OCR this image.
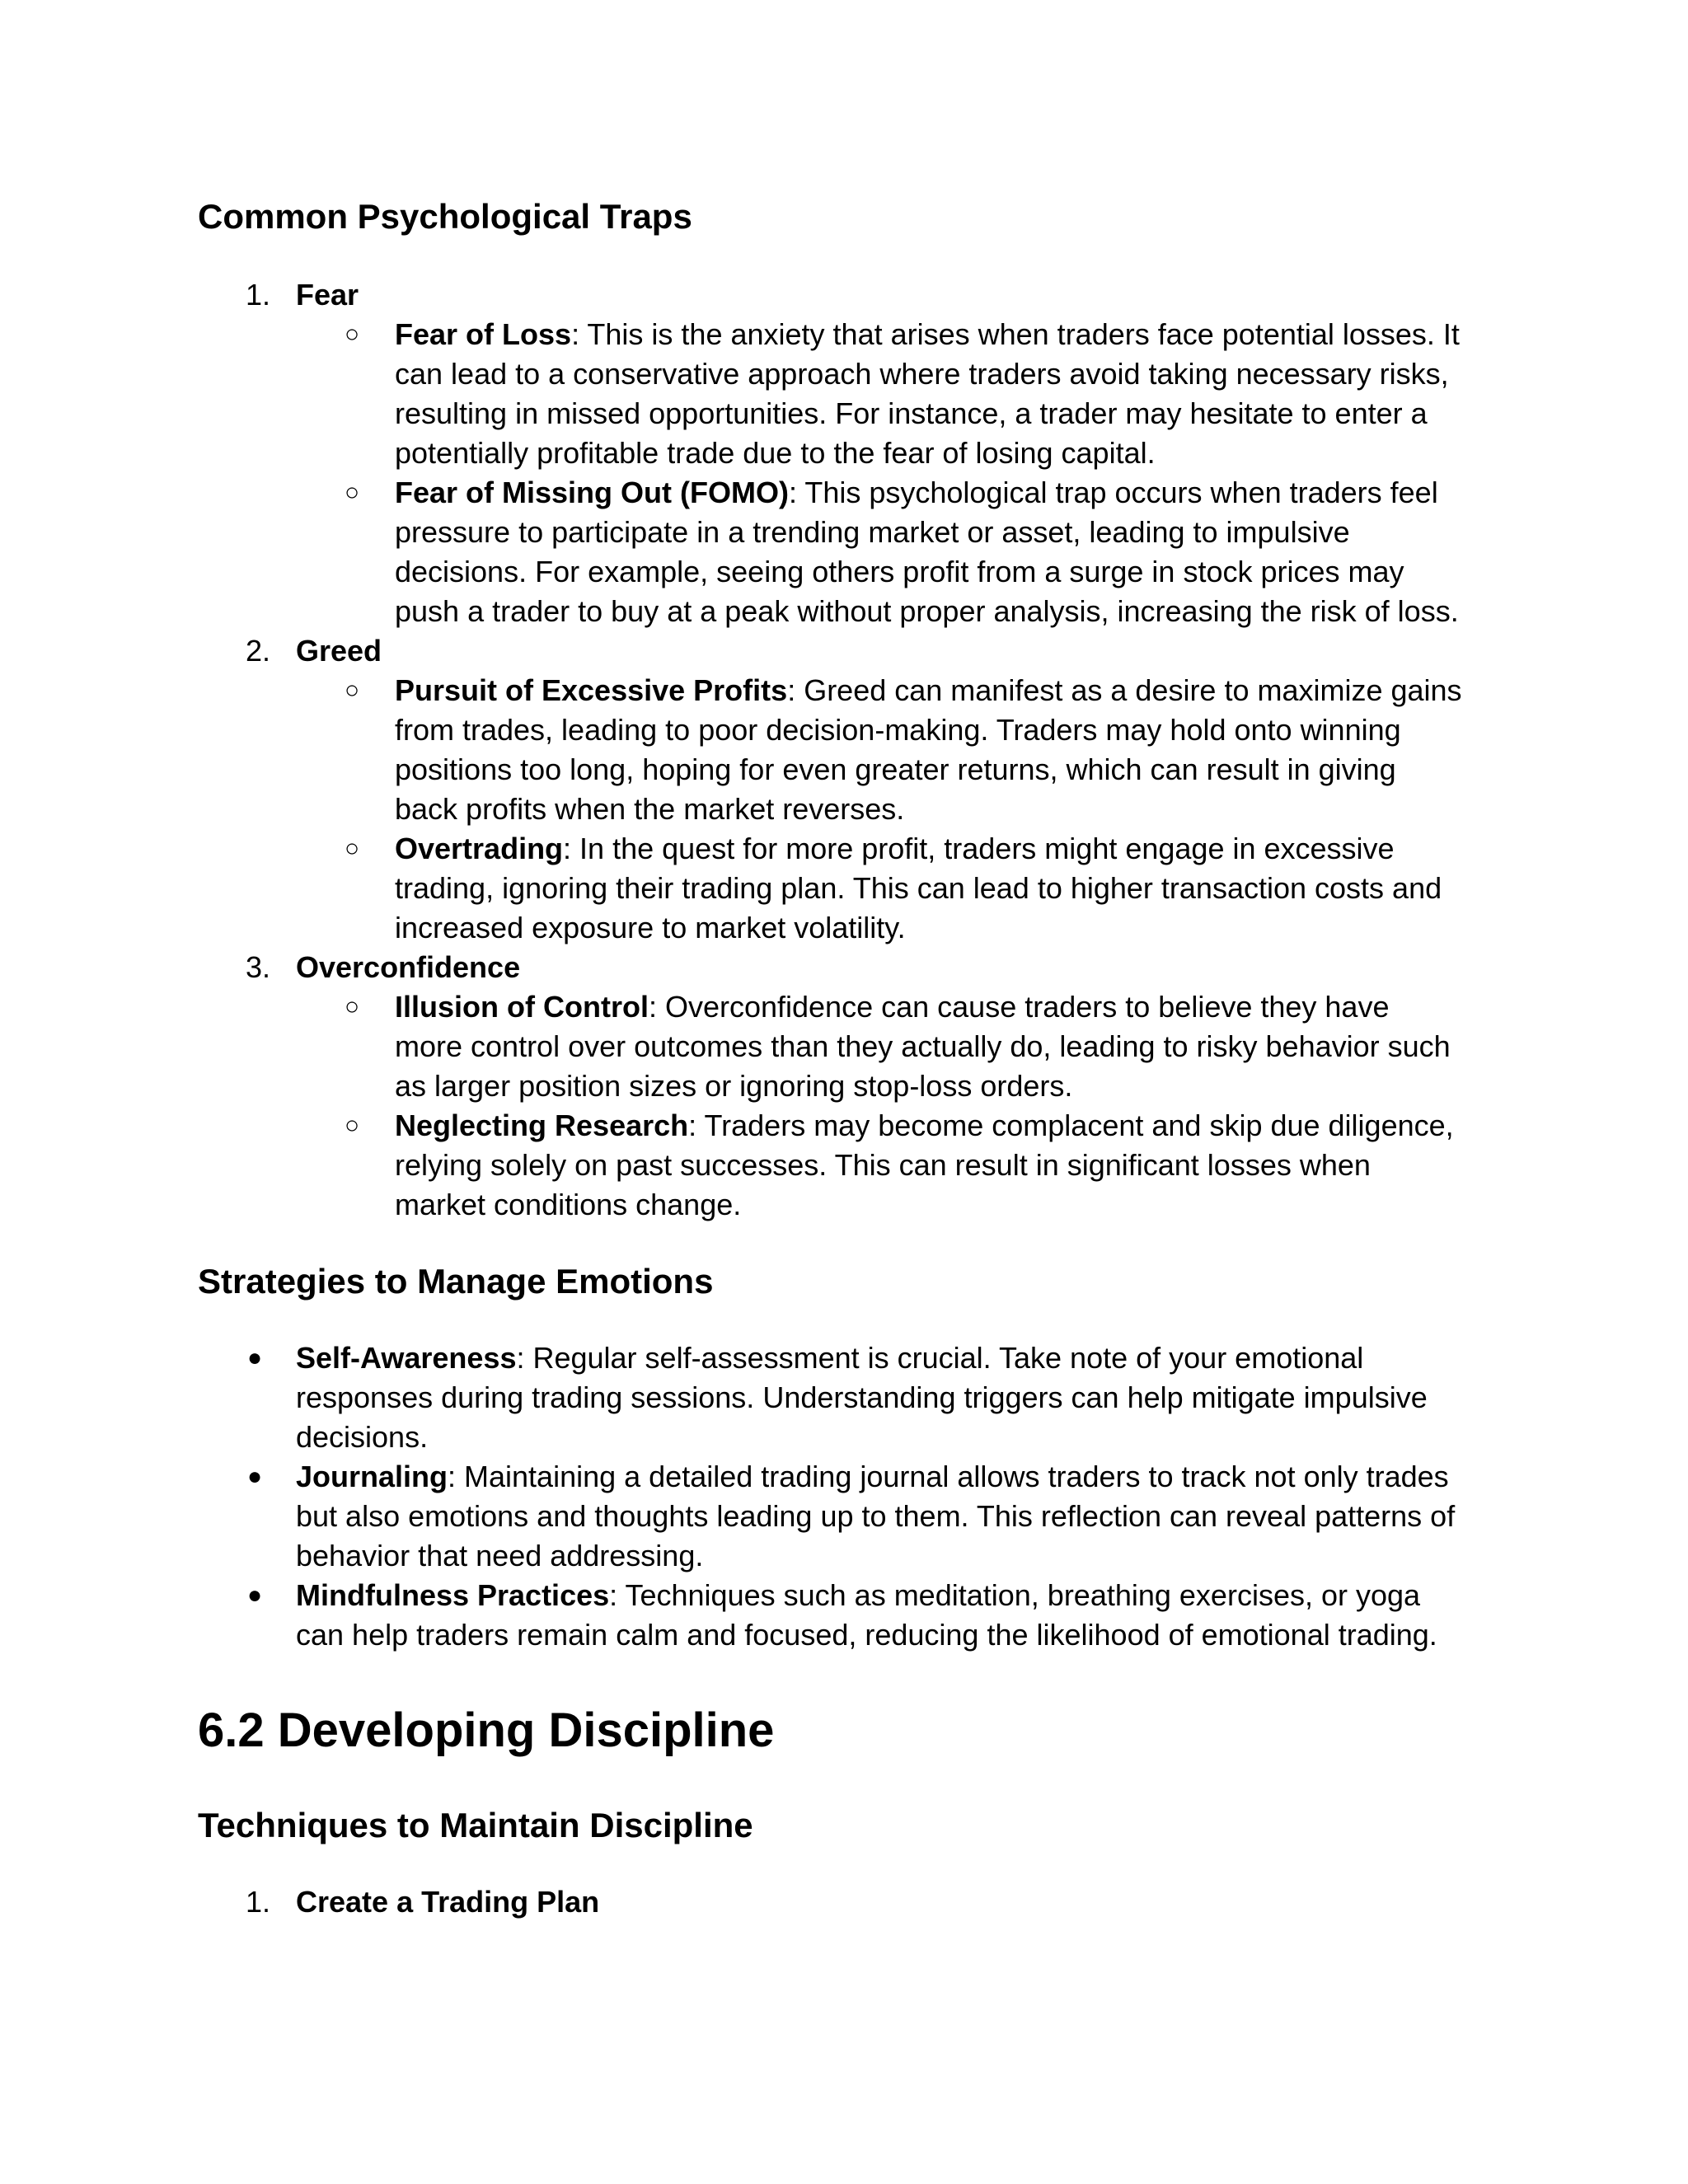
Common Psychological Traps
1. Fear
○ Fear of Loss: This is the anxiety that arises when traders face potential losses. It
can lead to a conservative approach where traders avoid taking necessary risks,
resulting in missed opportunities. For instance, a trader may hesitate to enter a
potentially profitable trade due to the fear of losing capital.
○ Fear of Missing Out (FOMO): This psychological trap occurs when traders feel
pressure to participate in a trending market or asset, leading to impulsive
decisions. For example, seeing others profit from a surge in stock prices may
push a trader to buy at a peak without proper analysis, increasing the risk of loss.
2. Greed
○ Pursuit of Excessive Profits: Greed can manifest as a desire to maximize gains
from trades, leading to poor decision-making. Traders may hold onto winning
positions too long, hoping for even greater returns, which can result in giving
back profits when the market reverses.
○ Overtrading: In the quest for more profit, traders might engage in excessive
trading, ignoring their trading plan. This can lead to higher transaction costs and
increased exposure to market volatility.
3. Overconfidence
○ Illusion of Control: Overconfidence can cause traders to believe they have
more control over outcomes than they actually do, leading to risky behavior such
as larger position sizes or ignoring stop-loss orders.
○ Neglecting Research: Traders may become complacent and skip due diligence,
relying solely on past successes. This can result in significant losses when
market conditions change.
Strategies to Manage Emotions
● Self-Awareness: Regular self-assessment is crucial. Take note of your emotional
responses during trading sessions. Understanding triggers can help mitigate impulsive
decisions.
● Journaling: Maintaining a detailed trading journal allows traders to track not only trades
but also emotions and thoughts leading up to them. This reflection can reveal patterns of
behavior that need addressing.
● Mindfulness Practices: Techniques such as meditation, breathing exercises, or yoga
can help traders remain calm and focused, reducing the likelihood of emotional trading.
6.2 Developing Discipline
Techniques to Maintain Discipline
1. Create a Trading Plan
